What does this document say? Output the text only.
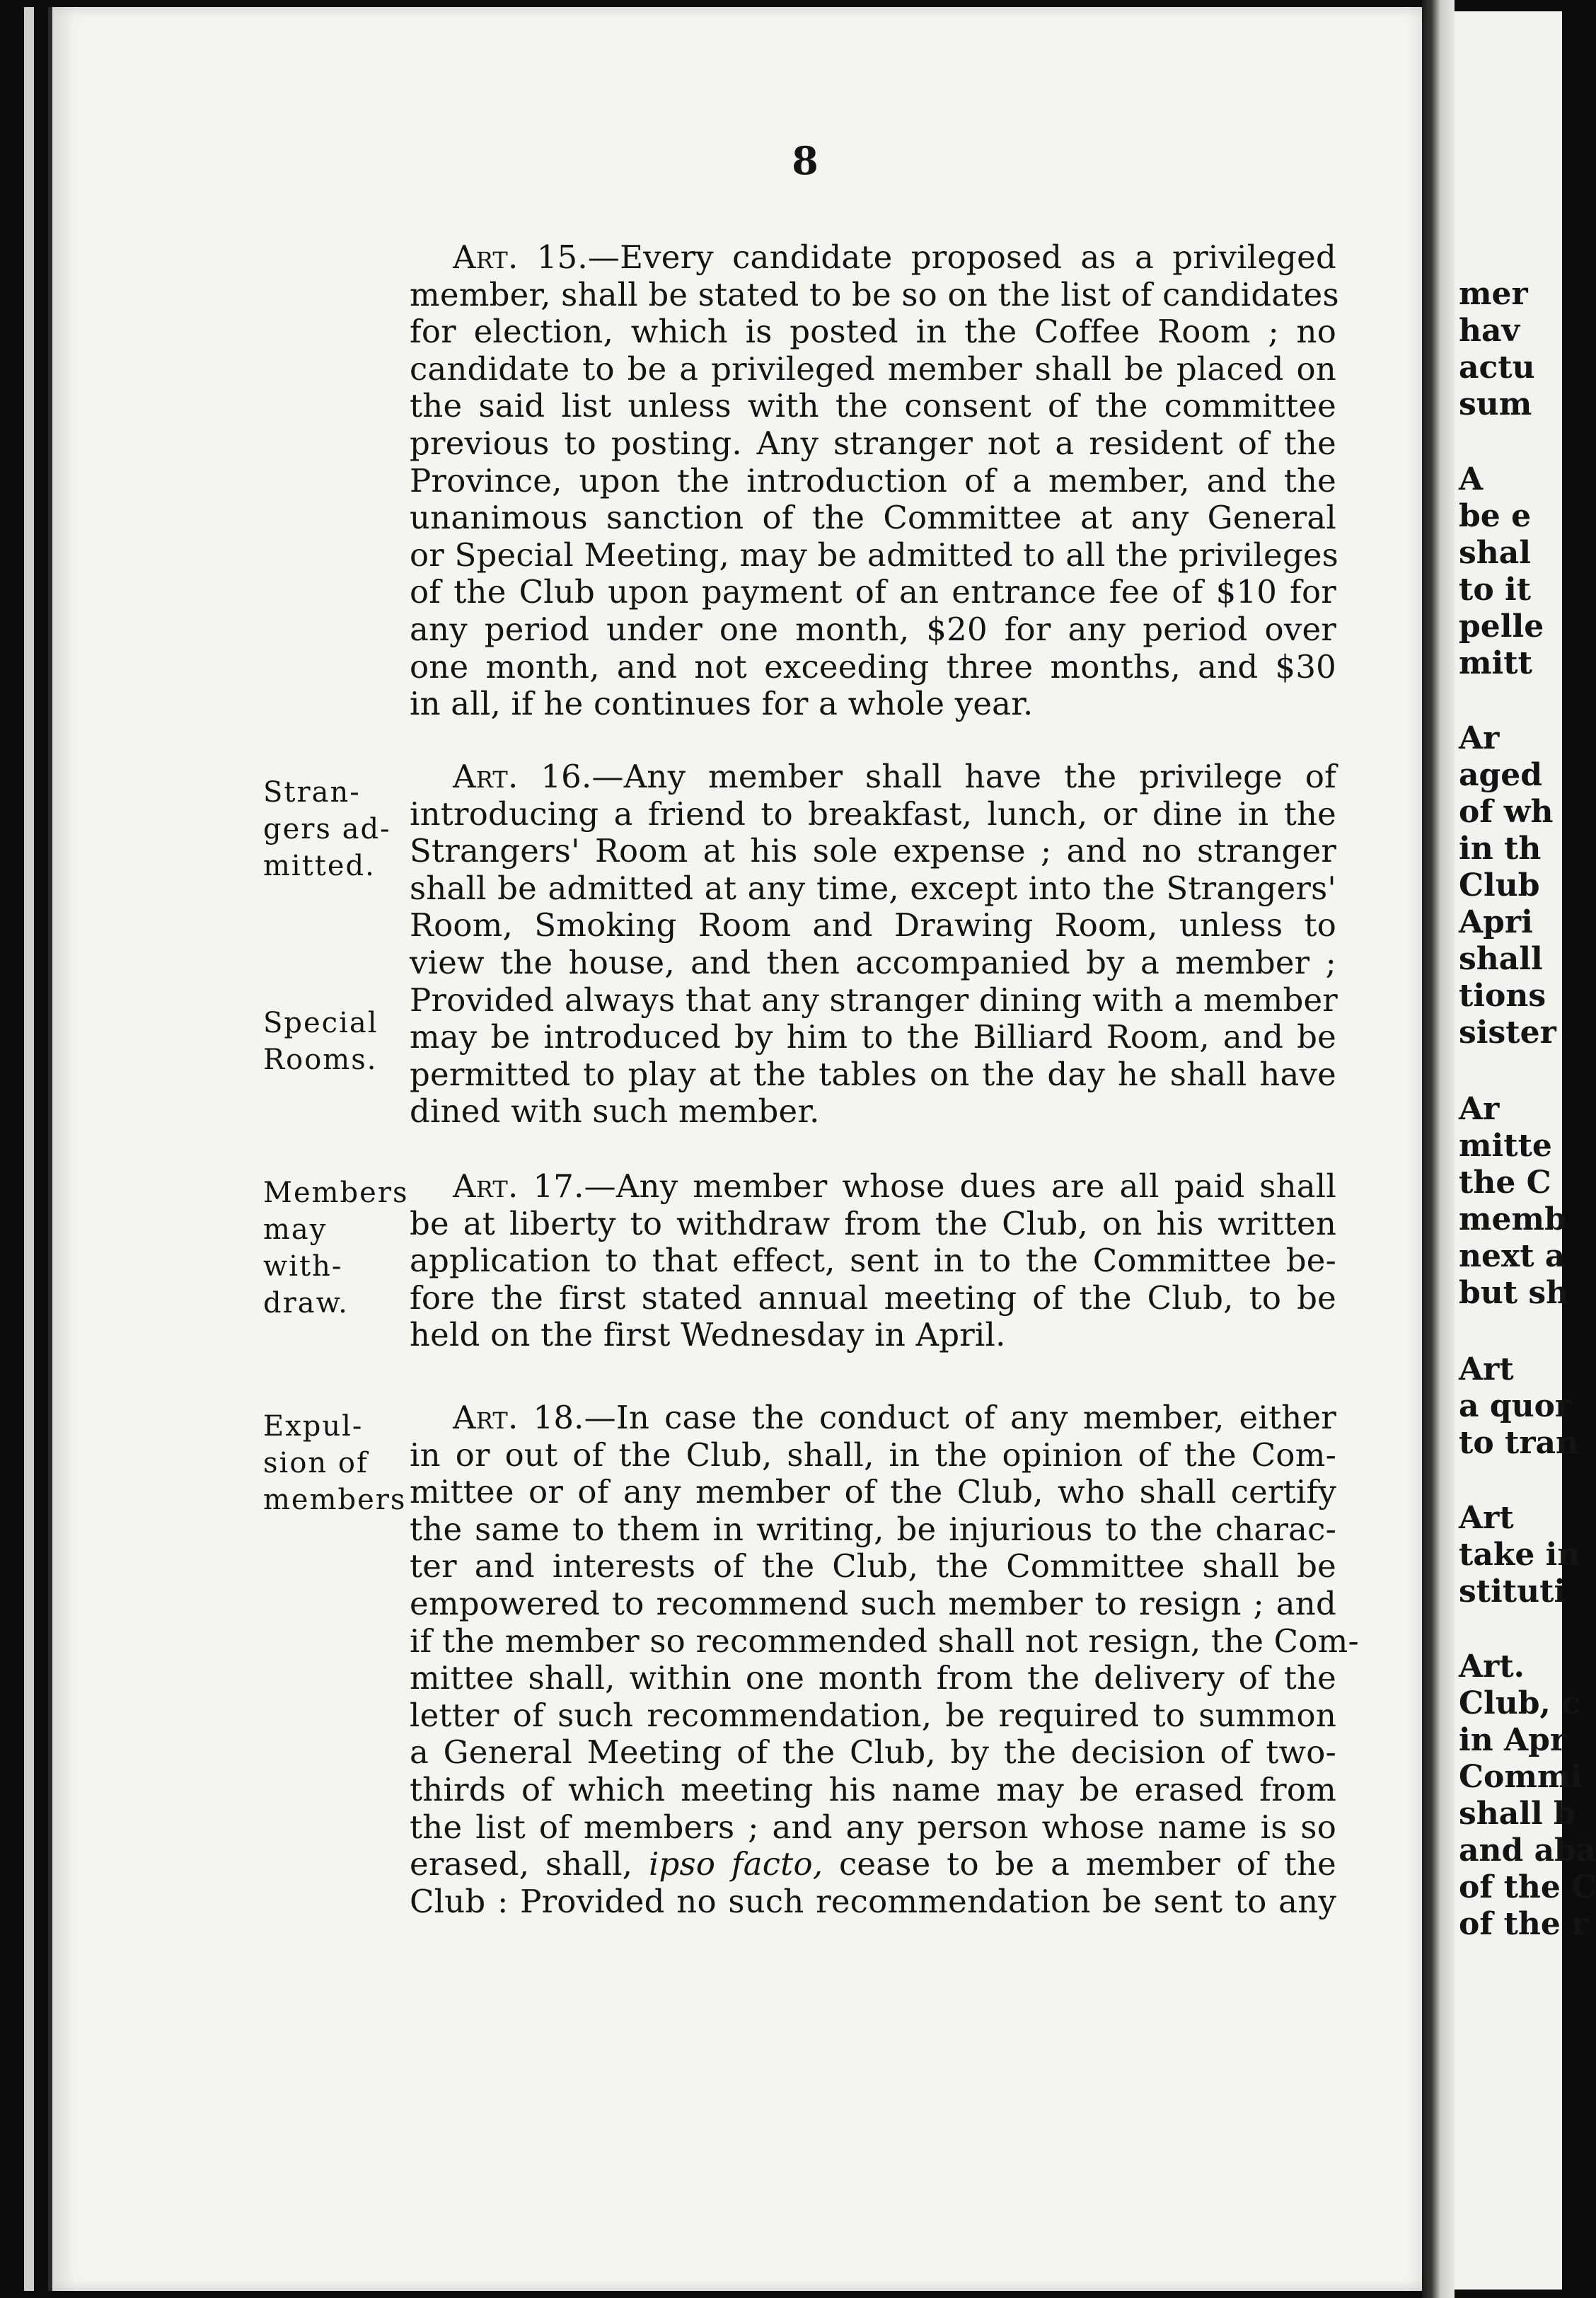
mer
hav
actu
sum
A
be e
shal
to it
pelle
mitt
Ar
aged
of wh
in th
Club
Apri
shall
tions
sister
Ar
mitte
the C
memb
next a
but sh
Art
a quor
to tran
Art
take in
stituti
Art.
Club, c
in Apr
Commi
shall b
and aba
of the C
of the r
8
Art. 15.—Every candidate proposed as a privileged
member, shall be stated to be so on the list of candidates
for election, which is posted in the Coffee Room ; no
candidate to be a privileged member shall be placed on
the said list unless with the consent of the committee
previous to posting. Any stranger not a resident of the
Province, upon the introduction of a member, and the
unanimous sanction of the Committee at any General
or Special Meeting, may be admitted to all the privileges
of the Club upon payment of an entrance fee of $10 for
any period under one month, $20 for any period over
one month, and not exceeding three months, and $30
in all, if he continues for a whole year.
Art. 16.—Any member shall have the privilege of
introducing a friend to breakfast, lunch, or dine in the
Strangers' Room at his sole expense ; and no stranger
shall be admitted at any time, except into the Strangers'
Room, Smoking Room and Drawing Room, unless to
view the house, and then accompanied by a member ;
Provided always that any stranger dining with a member
may be introduced by him to the Billiard Room, and be
permitted to play at the tables on the day he shall have
dined with such member.
Art. 17.—Any member whose dues are all paid shall
be at liberty to withdraw from the Club, on his written
application to that effect, sent in to the Committee be-
fore the first stated annual meeting of the Club, to be
held on the first Wednesday in April.
Art. 18.—In case the conduct of any member, either
in or out of the Club, shall, in the opinion of the Com-
mittee or of any member of the Club, who shall certify
the same to them in writing, be injurious to the charac-
ter and interests of the Club, the Committee shall be
empowered to recommend such member to resign ; and
if the member so recommended shall not resign, the Com-
mittee shall, within one month from the delivery of the
letter of such recommendation, be required to summon
a General Meeting of the Club, by the decision of two-
thirds of which meeting his name may be erased from
the list of members ; and any person whose name is so
erased, shall, ipso facto, cease to be a member of the
Club : Provided no such recommendation be sent to any
Stran-
gers ad-
mitted.
Special
Rooms.
Members
may
with-
draw.
Expul-
sion of
members
